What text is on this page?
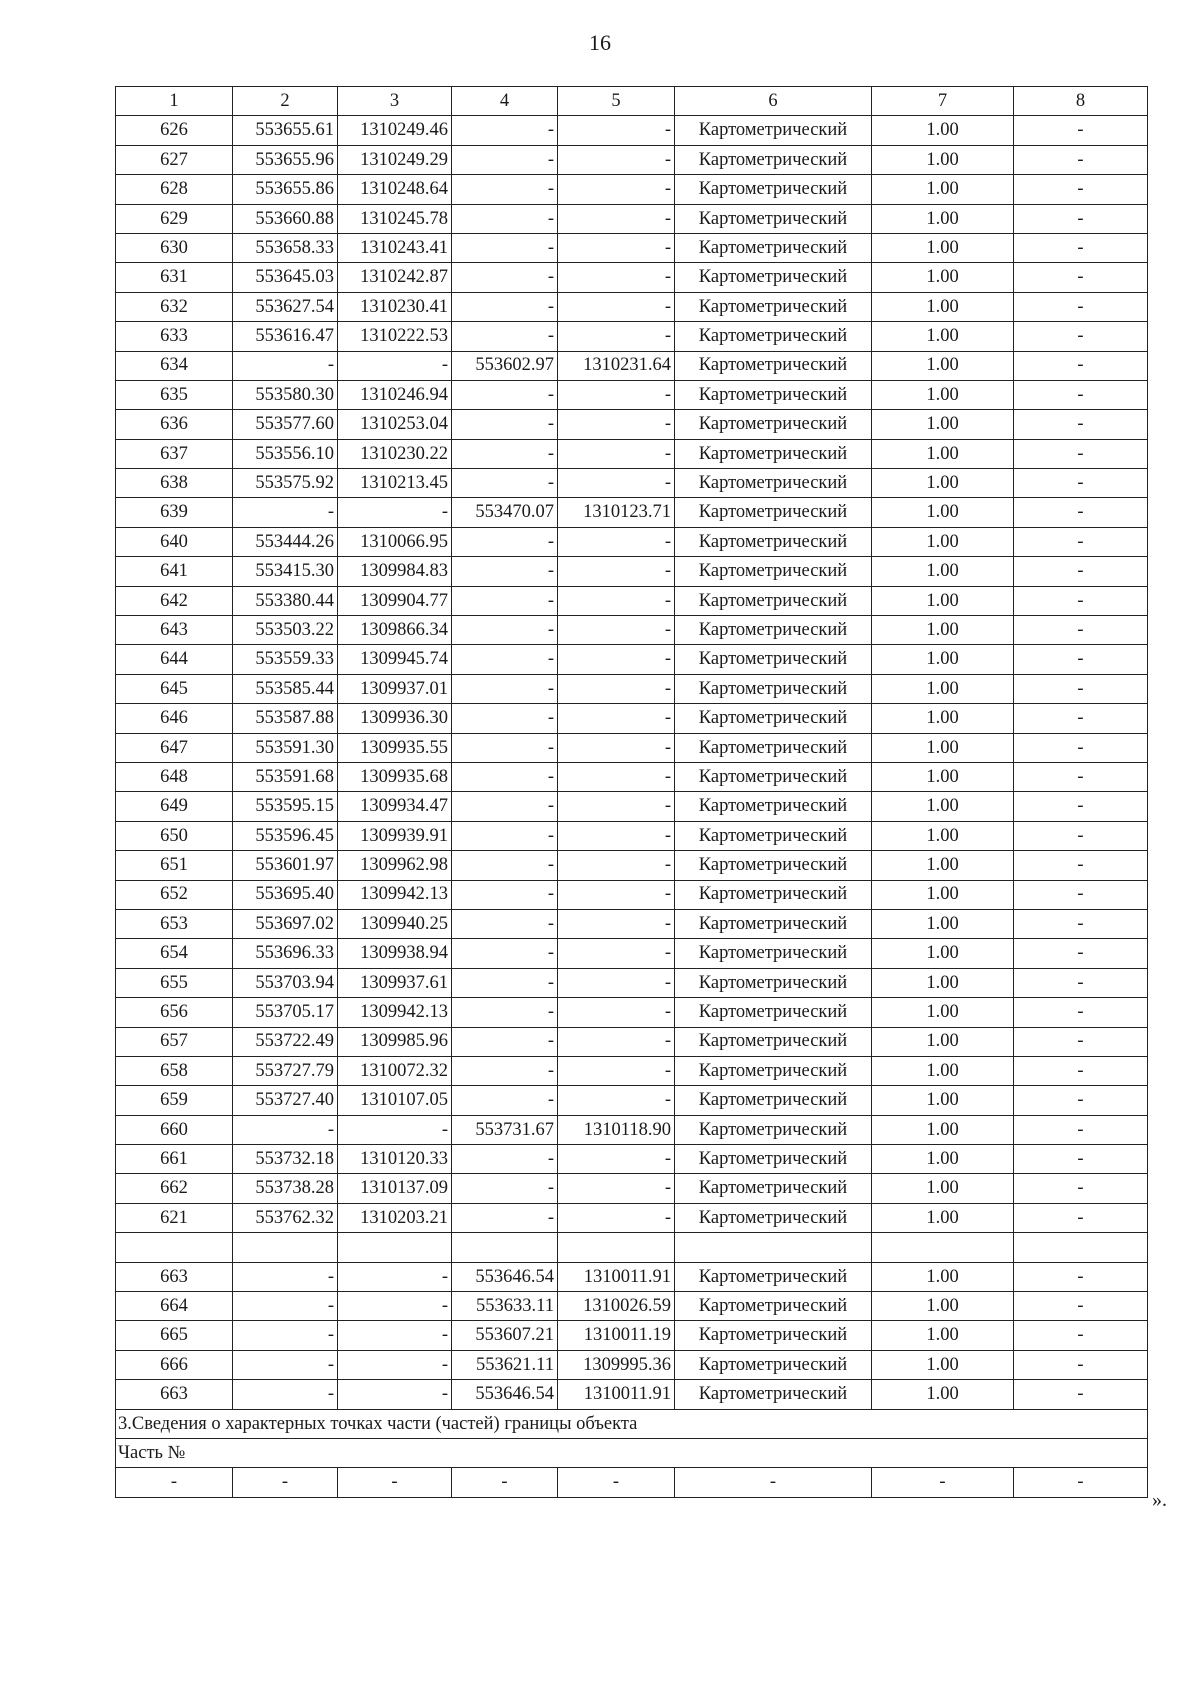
16
1	2	3	4	5	6	7	8
626	553655.61	1310249.46	-	-	Картометрический	1.00	-
627	553655.96	1310249.29	-	-	Картометрический	1.00	-
628	553655.86	1310248.64	-	-	Картометрический	1.00	-
629	553660.88	1310245.78	-	-	Картометрический	1.00	-
630	553658.33	1310243.41	-	-	Картометрический	1.00	-
631	553645.03	1310242.87	-	-	Картометрический	1.00	-
632	553627.54	1310230.41	-	-	Картометрический	1.00	-
633	553616.47	1310222.53	-	-	Картометрический	1.00	-
634	-	-	553602.97	1310231.64	Картометрический	1.00	-
635	553580.30	1310246.94	-	-	Картометрический	1.00	-
636	553577.60	1310253.04	-	-	Картометрический	1.00	-
637	553556.10	1310230.22	-	-	Картометрический	1.00	-
638	553575.92	1310213.45	-	-	Картометрический	1.00	-
639	-	-	553470.07	1310123.71	Картометрический	1.00	-
640	553444.26	1310066.95	-	-	Картометрический	1.00	-
641	553415.30	1309984.83	-	-	Картометрический	1.00	-
642	553380.44	1309904.77	-	-	Картометрический	1.00	-
643	553503.22	1309866.34	-	-	Картометрический	1.00	-
644	553559.33	1309945.74	-	-	Картометрический	1.00	-
645	553585.44	1309937.01	-	-	Картометрический	1.00	-
646	553587.88	1309936.30	-	-	Картометрический	1.00	-
647	553591.30	1309935.55	-	-	Картометрический	1.00	-
648	553591.68	1309935.68	-	-	Картометрический	1.00	-
649	553595.15	1309934.47	-	-	Картометрический	1.00	-
650	553596.45	1309939.91	-	-	Картометрический	1.00	-
651	553601.97	1309962.98	-	-	Картометрический	1.00	-
652	553695.40	1309942.13	-	-	Картометрический	1.00	-
653	553697.02	1309940.25	-	-	Картометрический	1.00	-
654	553696.33	1309938.94	-	-	Картометрический	1.00	-
655	553703.94	1309937.61	-	-	Картометрический	1.00	-
656	553705.17	1309942.13	-	-	Картометрический	1.00	-
657	553722.49	1309985.96	-	-	Картометрический	1.00	-
658	553727.79	1310072.32	-	-	Картометрический	1.00	-
659	553727.40	1310107.05	-	-	Картометрический	1.00	-
660	-	-	553731.67	1310118.90	Картометрический	1.00	-
661	553732.18	1310120.33	-	-	Картометрический	1.00	-
662	553738.28	1310137.09	-	-	Картометрический	1.00	-
621	553762.32	1310203.21	-	-	Картометрический	1.00	-

663	-	-	553646.54	1310011.91	Картометрический	1.00	-
664	-	-	553633.11	1310026.59	Картометрический	1.00	-
665	-	-	553607.21	1310011.19	Картометрический	1.00	-
666	-	-	553621.11	1309995.36	Картометрический	1.00	-
663	-	-	553646.54	1310011.91	Картометрический	1.00	-
3.Сведения о характерных точках части (частей) границы объекта							
Часть №							
-	-	-	-	-	-	-	-
».
